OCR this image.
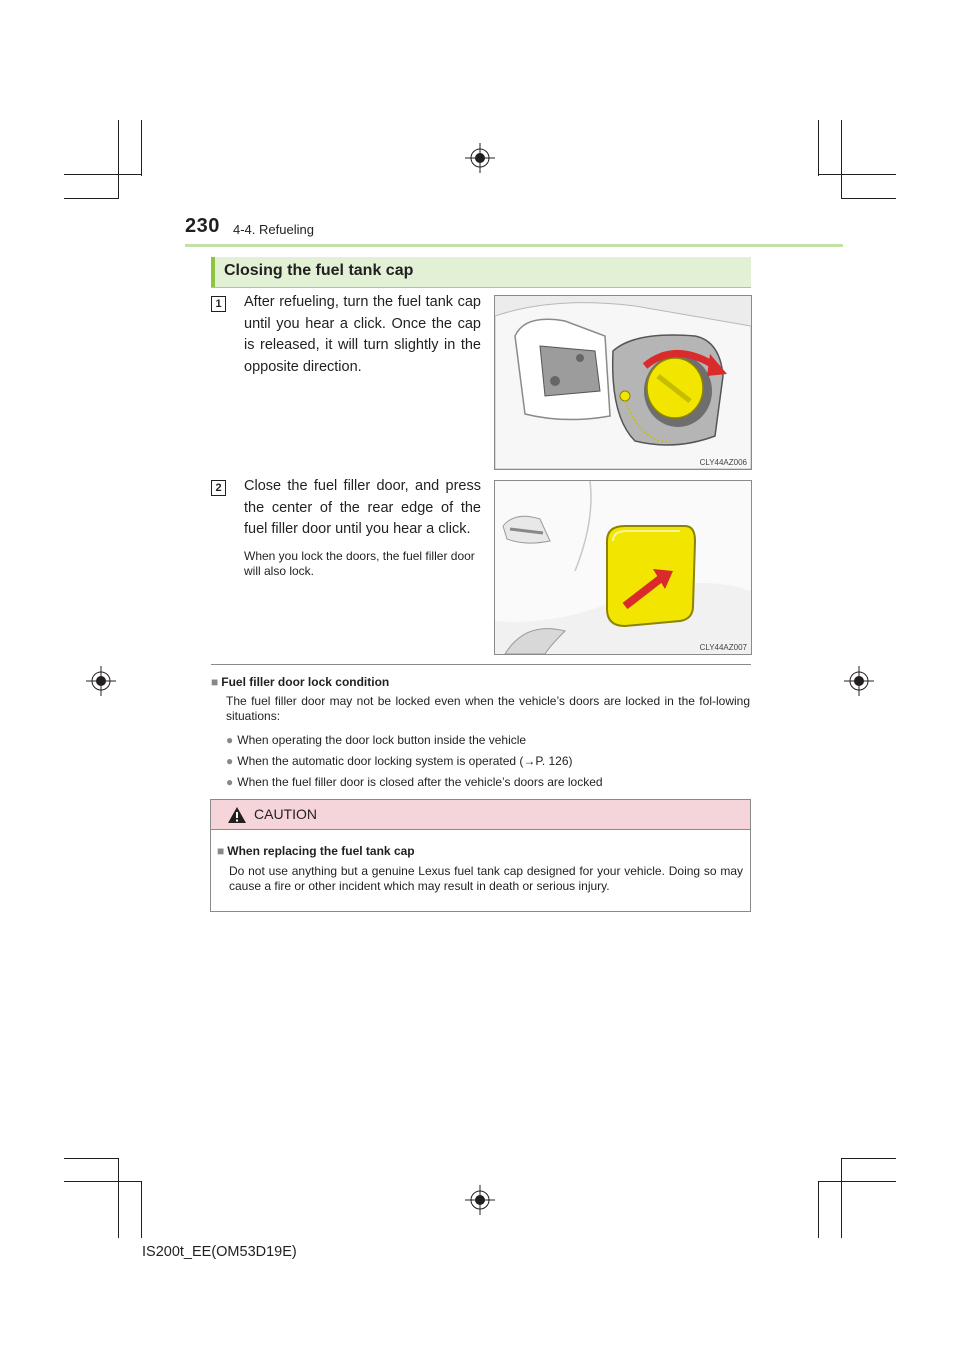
230 4-4. Refueling
Closing the fuel tank cap
1	After refueling, turn the fuel tank cap until you hear a click. Once the cap is released, it will turn slightly in the opposite direction.
CLY44AZ006
2	Close the fuel filler door, and press the center of the rear edge of the fuel filler door until you hear a click.
When you lock the doors, the fuel filler door will also lock.
CLY44AZ007
■ Fuel filler door lock condition
The fuel filler door may not be locked even when the vehicle’s doors are locked in the fol-lowing situations:
● When operating the door lock button inside the vehicle
● When the automatic door locking system is operated (→P. 126)
● When the fuel filler door is closed after the vehicle’s doors are locked
CAUTION
■ When replacing the fuel tank cap
Do not use anything but a genuine Lexus fuel tank cap designed for your vehicle. Doing so may cause a fire or other incident which may result in death or serious injury.
IS200t_EE(OM53D19E)
